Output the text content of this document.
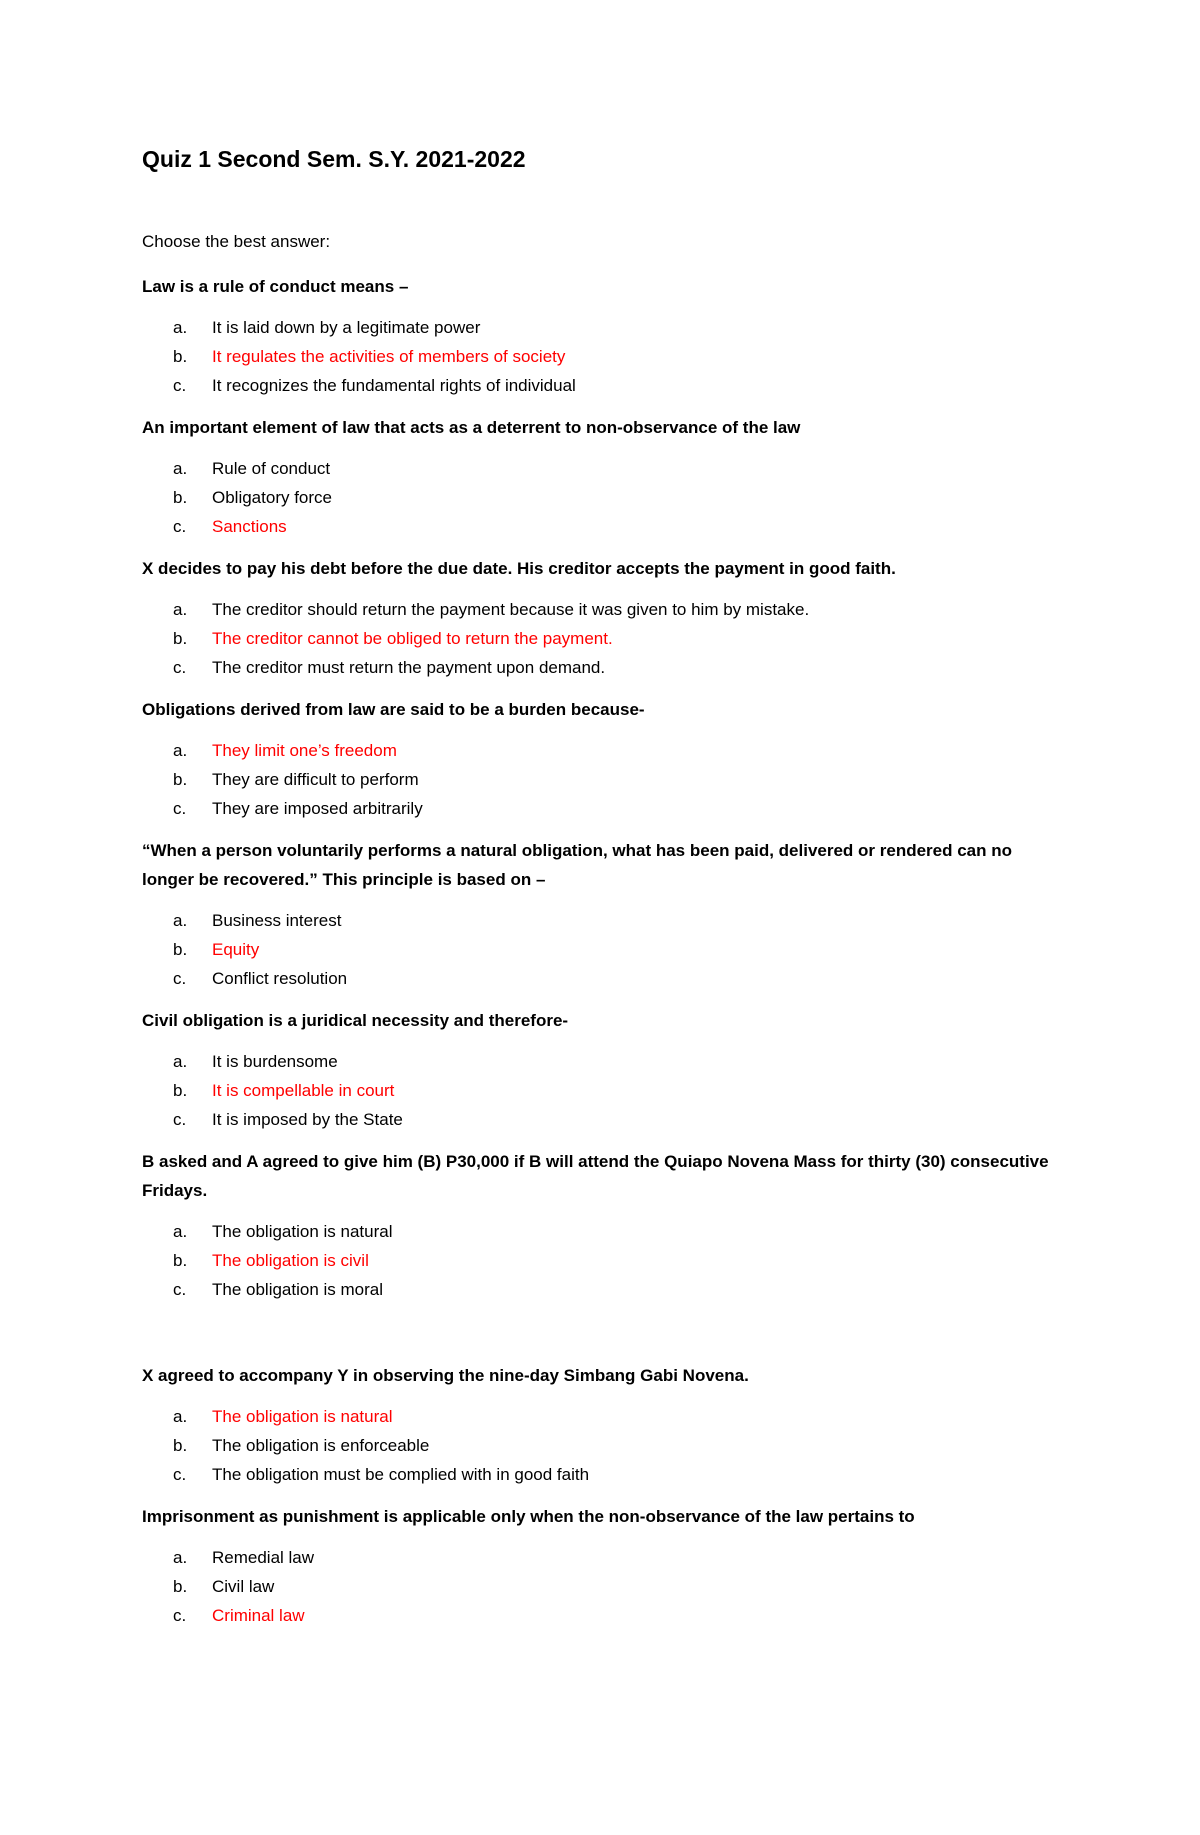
Quiz 1 Second Sem. S.Y. 2021-2022

Choose the best answer:

Law is a rule of conduct means –

a.	It is laid down by a legitimate power
b.	It regulates the activities of members of society
c.	It recognizes the fundamental rights of individual

An important element of law that acts as a deterrent to non-observance of the law

a.	Rule of conduct
b.	Obligatory force
c.	Sanctions

X decides to pay his debt before the due date. His creditor accepts the payment in good faith.

a.	The creditor should return the payment because it was given to him by mistake.
b.	The creditor cannot be obliged to return the payment.
c.	The creditor must return the payment upon demand.

Obligations derived from law are said to be a burden because-

a.	They limit one’s freedom
b.	They are difficult to perform
c.	They are imposed arbitrarily

“When a person voluntarily performs a natural obligation, what has been paid, delivered or rendered can no longer be recovered.” This principle is based on –

a.	Business interest
b.	Equity
c.	Conflict resolution

Civil obligation is a juridical necessity and therefore-

a.	It is burdensome
b.	It is compellable in court
c.	It is imposed by the State

B asked and A agreed to give him (B) P30,000 if B will attend the Quiapo Novena Mass for thirty (30) consecutive Fridays.

a.	The obligation is natural
b.	The obligation is civil
c.	The obligation is moral

X agreed to accompany Y in observing the nine-day Simbang Gabi Novena.

a.	The obligation is natural
b.	The obligation is enforceable
c.	The obligation must be complied with in good faith

Imprisonment as punishment is applicable only when the non-observance of the law pertains to

a.	Remedial law
b.	Civil law
c.	Criminal law
